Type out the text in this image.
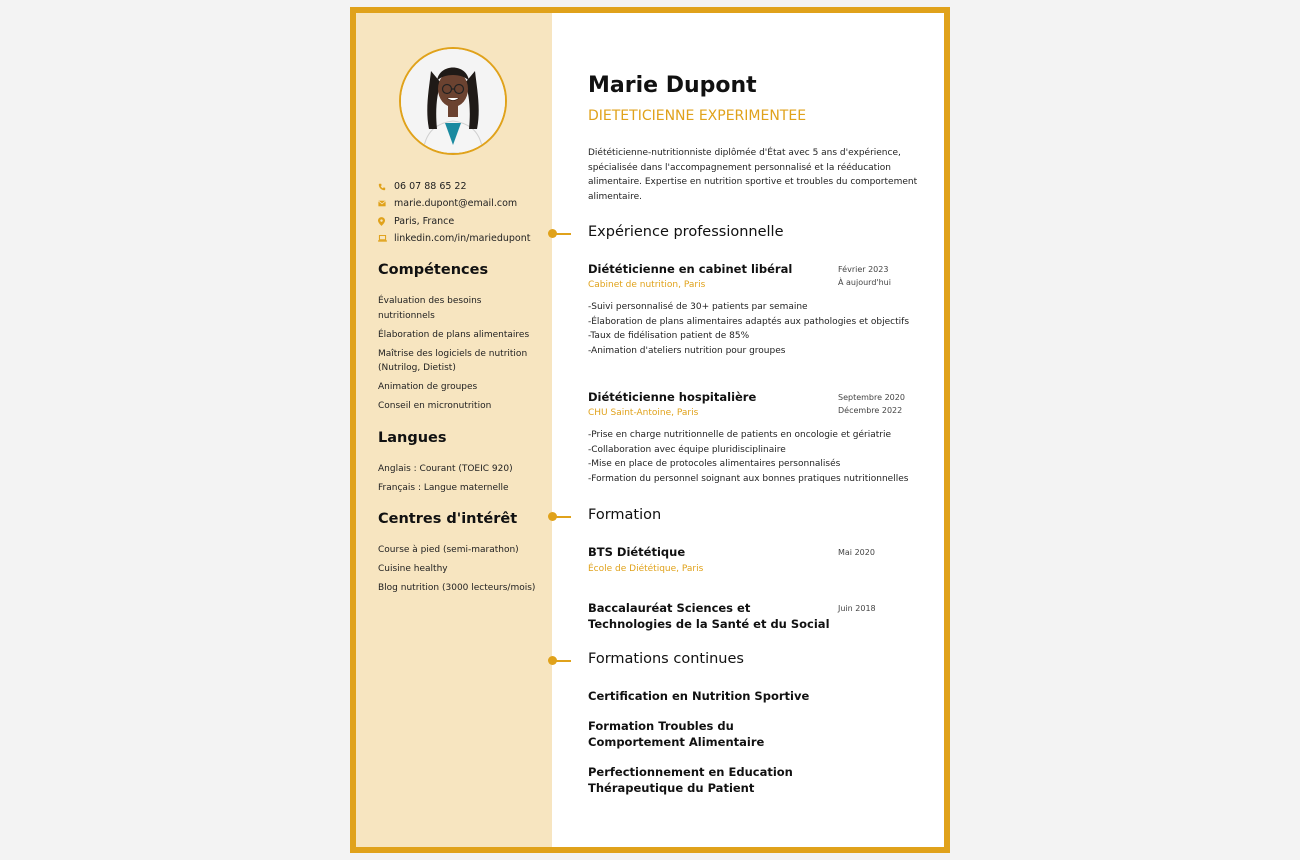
06 07 88 65 22
marie.dupont@email.com
Paris, France
linkedin.com/in/mariedupont
Compétences
Évaluation des besoins nutritionnels
Élaboration de plans alimentaires
Maîtrise des logiciels de nutrition (Nutrilog, Dietist)
Animation de groupes
Conseil en micronutrition
Langues
Anglais : Courant (TOEIC 920)
Français : Langue maternelle
Centres d'intérêt
Course à pied (semi-marathon)
Cuisine healthy
Blog nutrition (3000 lecteurs/mois)
Marie Dupont
DIETETICIENNE EXPERIMENTEE
Diététicienne-nutritionniste diplômée d'État avec 5 ans d'expérience, spécialisée dans l'accompagnement personnalisé et la rééducation alimentaire. Expertise en nutrition sportive et troubles du comportement alimentaire.
Expérience professionnelle
Diététicienne en cabinet libéral
Cabinet de nutrition, Paris
Février 2023
À aujourd'hui
-Suivi personnalisé de 30+ patients par semaine
-Élaboration de plans alimentaires adaptés aux pathologies et objectifs
-Taux de fidélisation patient de 85%
-Animation d'ateliers nutrition pour groupes
Diététicienne hospitalière
CHU Saint-Antoine, Paris
Septembre 2020
Décembre 2022
-Prise en charge nutritionnelle de patients en oncologie et gériatrie
-Collaboration avec équipe pluridisciplinaire
-Mise en place de protocoles alimentaires personnalisés
-Formation du personnel soignant aux bonnes pratiques nutritionnelles
Formation
BTS Diététique
École de Diététique, Paris
Mai 2020
Baccalauréat Sciences et Technologies de la Santé et du Social
Juin 2018
Formations continues
Certification en Nutrition Sportive
Formation Troubles du Comportement Alimentaire
Perfectionnement en Education Thérapeutique du Patient
